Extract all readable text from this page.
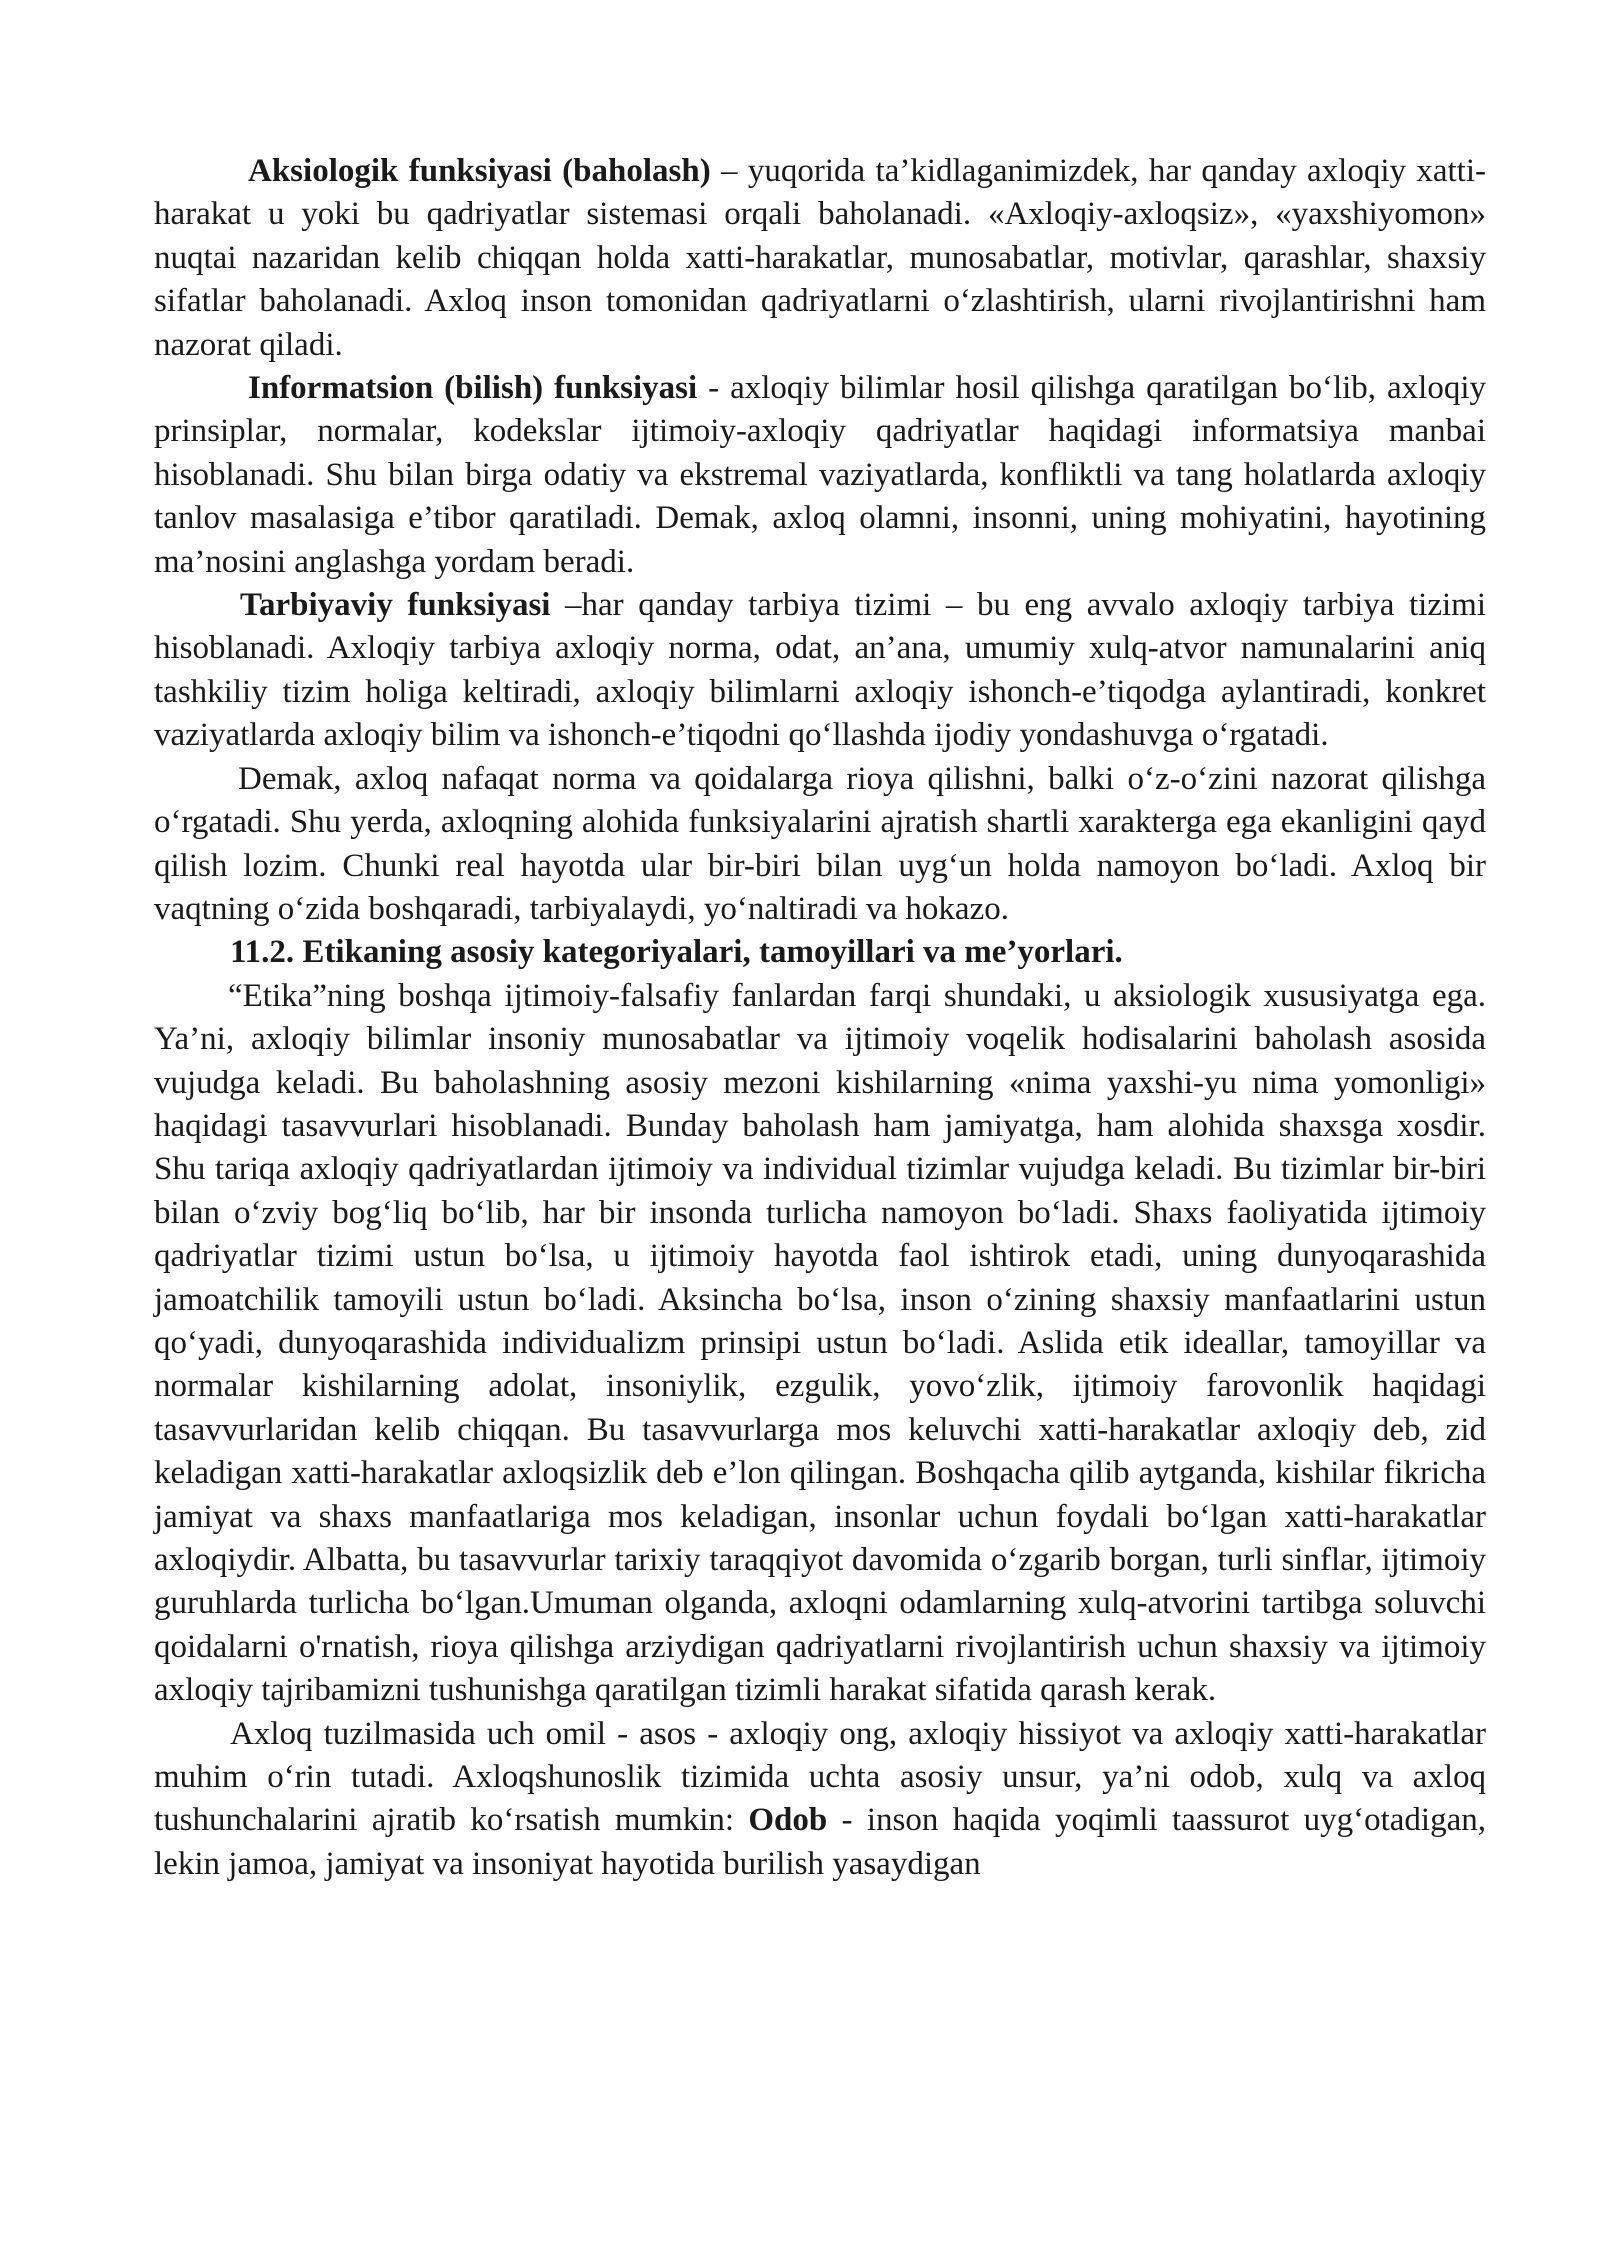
Aksiologik funksiyasi (baholash) – yuqorida ta’kidlaganimizdek, har qanday axloqiy xatti-harakat u yoki bu qadriyatlar sistemasi orqali baholanadi. «Axloqiy-axloqsiz», «yaxshiyomon» nuqtai nazaridan kelib chiqqan holda xatti-harakatlar, munosabatlar, motivlar, qarashlar, shaxsiy sifatlar baholanadi. Axloq inson tomonidan qadriyatlarni o‘zlashtirish, ularni rivojlantirishni ham nazorat qiladi.

Informatsion (bilish) funksiyasi - axloqiy bilimlar hosil qilishga qaratilgan bo‘lib, axloqiy prinsiplar, normalar, kodekslar ijtimoiy-axloqiy qadriyatlar haqidagi informatsiya manbai hisoblanadi. Shu bilan birga odatiy va ekstremal vaziyatlarda, konfliktli va tang holatlarda axloqiy tanlov masalasiga e’tibor qaratiladi. Demak, axloq olamni, insonni, uning mohiyatini, hayotining ma’nosini anglashga yordam beradi.

Tarbiyaviy funksiyasi –har qanday tarbiya tizimi – bu eng avvalo axloqiy tarbiya tizimi hisoblanadi. Axloqiy tarbiya axloqiy norma, odat, an’ana, umumiy xulq-atvor namunalarini aniq tashkiliy tizim holiga keltiradi, axloqiy bilimlarni axloqiy ishonch-e’tiqodga aylantiradi, konkret vaziyatlarda axloqiy bilim va ishonch-e’tiqodni qo‘llashda ijodiy yondashuvga o‘rgatadi.

Demak, axloq nafaqat norma va qoidalarga rioya qilishni, balki o‘z-o‘zini nazorat qilishga o‘rgatadi. Shu yerda, axloqning alohida funksiyalarini ajratish shartli xarakterga ega ekanligini qayd qilish lozim. Chunki real hayotda ular bir-biri bilan uyg‘un holda namoyon bo‘ladi. Axloq bir vaqtning o‘zida boshqaradi, tarbiyalaydi, yo‘naltiradi va hokazo.

11.2. Etikaning asosiy kategoriyalari, tamoyillari va me’yorlari.

“Etika”ning boshqa ijtimoiy-falsafiy fanlardan farqi shundaki, u aksiologik xususiyatga ega. Ya’ni, axloqiy bilimlar insoniy munosabatlar va ijtimoiy voqelik hodisalarini baholash asosida vujudga keladi. Bu baholashning asosiy mezoni kishilarning «nima yaxshi-yu nima yomonligi» haqidagi tasavvurlari hisoblanadi. Bunday baholash ham jamiyatga, ham alohida shaxsga xosdir. Shu tariqa axloqiy qadriyatlardan ijtimoiy va individual tizimlar vujudga keladi. Bu tizimlar bir-biri bilan o‘zviy bog‘liq bo‘lib, har bir insonda turlicha namoyon bo‘ladi. Shaxs faoliyatida ijtimoiy qadriyatlar tizimi ustun bo‘lsa, u ijtimoiy hayotda faol ishtirok etadi, uning dunyoqarashida jamoatchilik tamoyili ustun bo‘ladi. Aksincha bo‘lsa, inson o‘zining shaxsiy manfaatlarini ustun qo‘yadi, dunyoqarashida individualizm prinsipi ustun bo‘ladi. Aslida etik ideallar, tamoyillar va normalar kishilarning adolat, insoniylik, ezgulik, yovo‘zlik, ijtimoiy farovonlik haqidagi tasavvurlaridan kelib chiqqan. Bu tasavvurlarga mos keluvchi xatti-harakatlar axloqiy deb, zid keladigan xatti-harakatlar axloqsizlik deb e’lon qilingan. Boshqacha qilib aytganda, kishilar fikricha jamiyat va shaxs manfaatlariga mos keladigan, insonlar uchun foydali bo‘lgan xatti-harakatlar axloqiydir. Albatta, bu tasavvurlar tarixiy taraqqiyot davomida o‘zgarib borgan, turli sinflar, ijtimoiy guruhlarda turlicha bo‘lgan.Umuman olganda, axloqni odamlarning xulq-atvorini tartibga soluvchi qoidalarni o'rnatish, rioya qilishga arziydigan qadriyatlarni rivojlantirish uchun shaxsiy va ijtimoiy axloqiy tajribamizni tushunishga qaratilgan tizimli harakat sifatida qarash kerak.

Axloq tuzilmasida uch omil - asos - axloqiy ong, axloqiy hissiyot va axloqiy xatti-harakatlar muhim o‘rin tutadi. Axloqshunoslik tizimida uchta asosiy unsur, ya’ni odob, xulq va axloq tushunchalarini ajratib ko‘rsatish mumkin: Odob - inson haqida yoqimli taassurot uyg‘otadigan, lekin jamoa, jamiyat va insoniyat hayotida burilish yasaydigan
